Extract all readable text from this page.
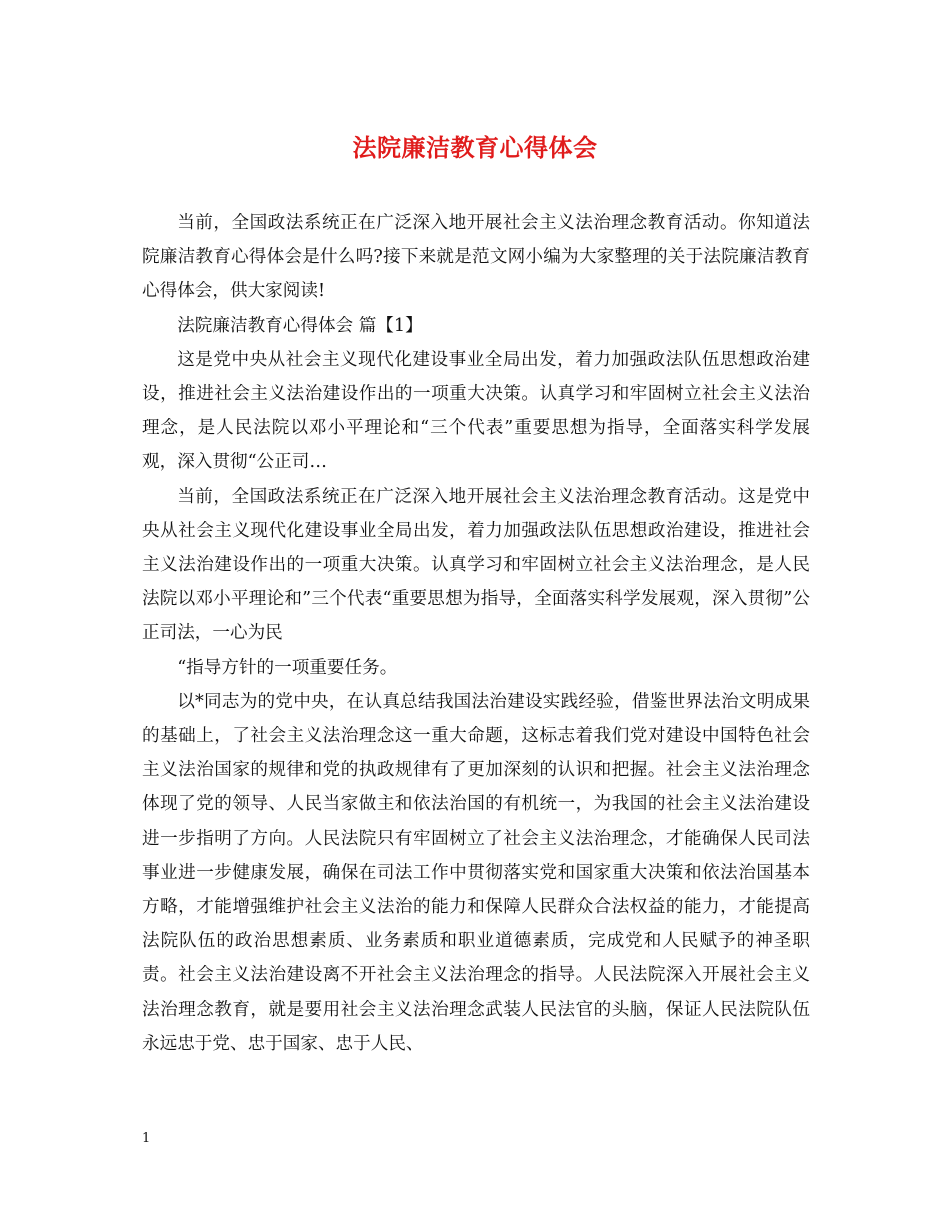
法院廉洁教育心得体会

当前，全国政法系统正在广泛深入地开展社会主义法治理念教育活动。你知道法院廉洁教育心得体会是什么吗?接下来就是范文网小编为大家整理的关于法院廉洁教育心得体会，供大家阅读!

法院廉洁教育心得体会 篇【1】

这是党中央从社会主义现代化建设事业全局出发，着力加强政法队伍思想政治建设，推进社会主义法治建设作出的一项重大决策。认真学习和牢固树立社会主义法治理念，是人民法院以邓小平理论和“三个代表”重要思想为指导，全面落实科学发展观，深入贯彻“公正司…

当前，全国政法系统正在广泛深入地开展社会主义法治理念教育活动。这是党中央从社会主义现代化建设事业全局出发，着力加强政法队伍思想政治建设，推进社会主义法治建设作出的一项重大决策。认真学习和牢固树立社会主义法治理念，是人民法院以邓小平理论和”三个代表“重要思想为指导，全面落实科学发展观，深入贯彻”公正司法，一心为民

“指导方针的一项重要任务。

以*同志为的党中央，在认真总结我国法治建设实践经验，借鉴世界法治文明成果的基础上，了社会主义法治理念这一重大命题，这标志着我们党对建设中国特色社会主义法治国家的规律和党的执政规律有了更加深刻的认识和把握。社会主义法治理念体现了党的领导、人民当家做主和依法治国的有机统一，为我国的社会主义法治建设进一步指明了方向。人民法院只有牢固树立了社会主义法治理念，才能确保人民司法事业进一步健康发展，确保在司法工作中贯彻落实党和国家重大决策和依法治国基本方略，才能增强维护社会主义法治的能力和保障人民群众合法权益的能力，才能提高法院队伍的政治思想素质、业务素质和职业道德素质，完成党和人民赋予的神圣职责。社会主义法治建设离不开社会主义法治理念的指导。人民法院深入开展社会主义法治理念教育，就是要用社会主义法治理念武装人民法官的头脑，保证人民法院队伍永远忠于党、忠于国家、忠于人民、

1
